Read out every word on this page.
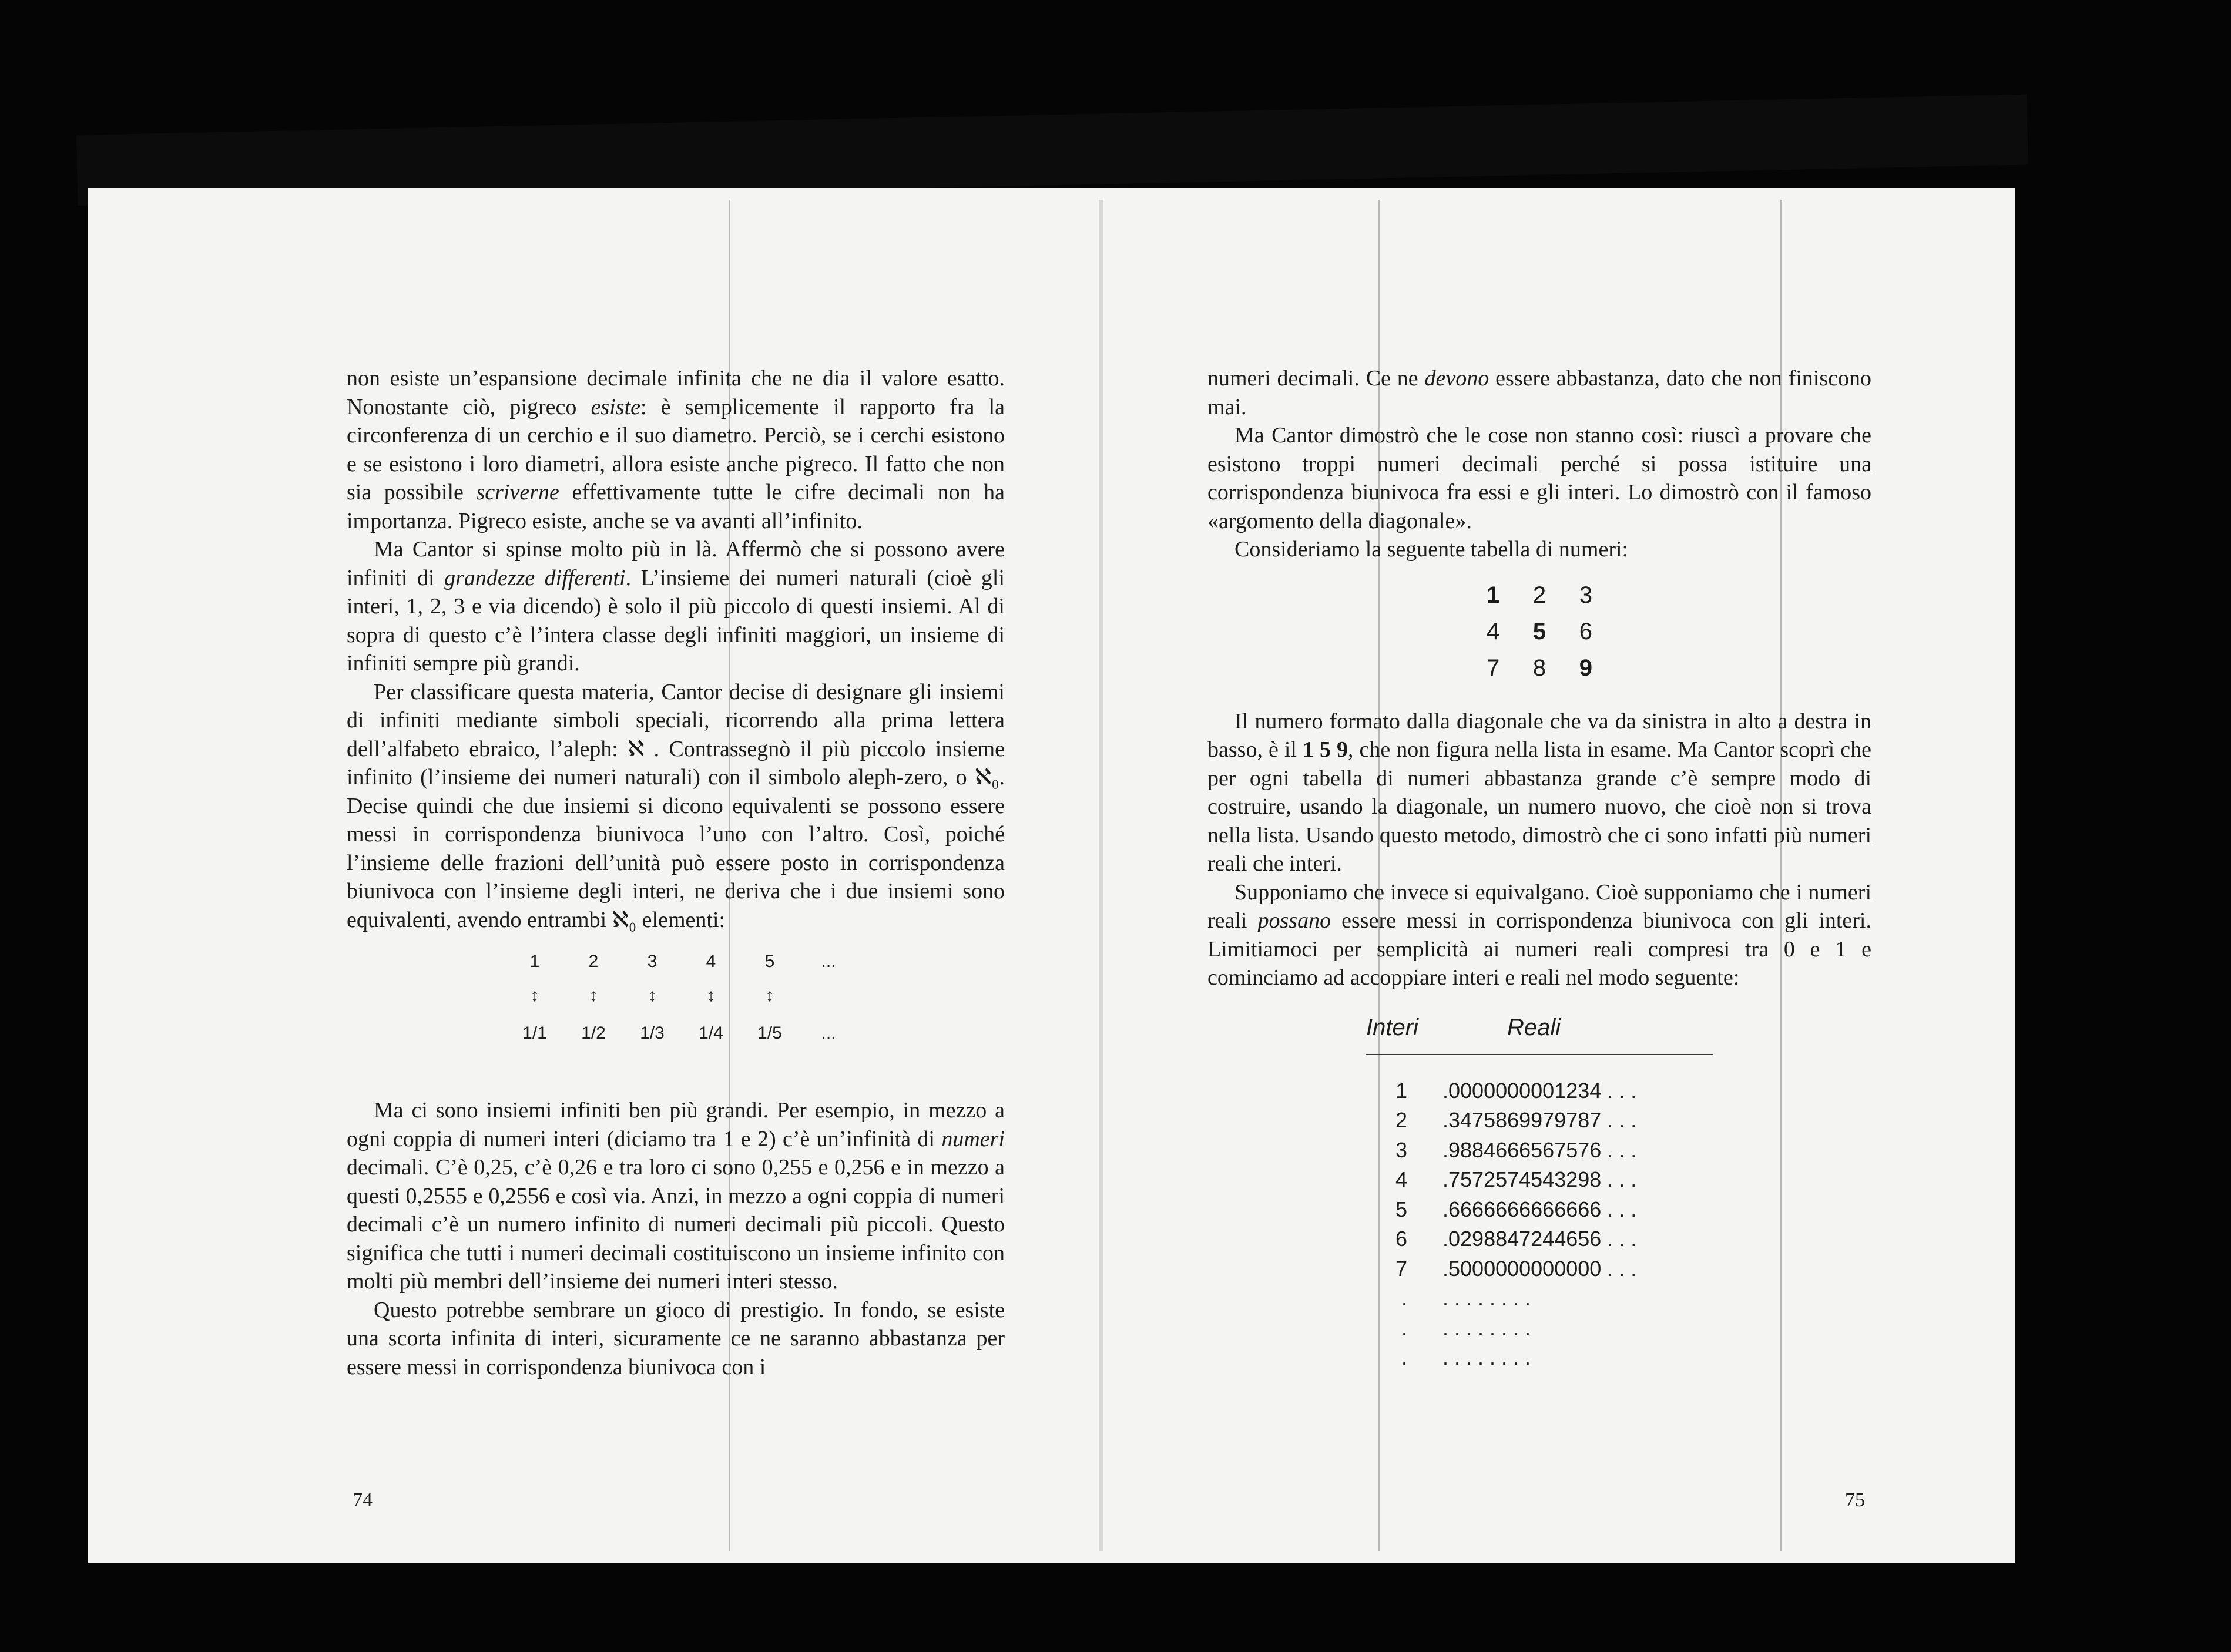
non esiste un’espansione decimale infinita che ne dia il valore esatto. Nonostante ciò, pigreco esiste: è semplicemente il rapporto fra la circonferenza di un cerchio e il suo diametro. Perciò, se i cerchi esistono e se esistono i loro diametri, allora esiste anche pigreco. Il fatto che non sia possibile scriverne effettivamente tutte le cifre decimali non ha importanza. Pigreco esiste, anche se va avanti all’infinito.

Ma Cantor si spinse molto più in là. Affermò che si possono avere infiniti di grandezze differenti. L’insieme dei numeri naturali (cioè gli interi, 1, 2, 3 e via dicendo) è solo il più piccolo di questi insiemi. Al di sopra di questo c’è l’intera classe degli infiniti maggiori, un insieme di infiniti sempre più grandi.

Per classificare questa materia, Cantor decise di designare gli insiemi di infiniti mediante simboli speciali, ricorrendo alla prima lettera dell’alfabeto ebraico, l’aleph: ℵ . Contrassegnò il più piccolo insieme infinito (l’insieme dei numeri naturali) con il simbolo aleph-zero, o ℵ₀. Decise quindi che due insiemi si dicono equivalenti se possono essere messi in corrispondenza biunivoca l’uno con l’altro. Così, poiché l’insieme delle frazioni dell’unità può essere posto in corrispondenza biunivoca con l’insieme degli interi, ne deriva che i due insiemi sono equivalenti, avendo entrambi ℵ₀ elementi:

1	2	3	4	5	...
↕	↕	↕	↕	↕
1/1	1/2	1/3	1/4	1/5	...

Ma ci sono insiemi infiniti ben più grandi. Per esempio, in mezzo a ogni coppia di numeri interi (diciamo tra 1 e 2) c’è un’infinità di numeri decimali. C’è 0,25, c’è 0,26 e tra loro ci sono 0,255 e 0,256 e in mezzo a questi 0,2555 e 0,2556 e così via. Anzi, in mezzo a ogni coppia di numeri decimali c’è un numero infinito di numeri decimali più piccoli. Questo significa che tutti i numeri decimali costituiscono un insieme infinito con molti più membri dell’insieme dei numeri interi stesso.

Questo potrebbe sembrare un gioco di prestigio. In fondo, se esiste una scorta infinita di interi, sicuramente ce ne saranno abbastanza per essere messi in corrispondenza biunivoca con i

74

numeri decimali. Ce ne devono essere abbastanza, dato che non finiscono mai.

Ma Cantor dimostrò che le cose non stanno così: riuscì a provare che esistono troppi numeri decimali perché si possa istituire una corrispondenza biunivoca fra essi e gli interi. Lo dimostrò con il famoso «argomento della diagonale».

Consideriamo la seguente tabella di numeri:

1 2 3
4 5 6
7 8 9

Il numero formato dalla diagonale che va da sinistra in alto a destra in basso, è il 1 5 9, che non figura nella lista in esame. Ma Cantor scoprì che per ogni tabella di numeri abbastanza grande c’è sempre modo di costruire, usando la diagonale, un numero nuovo, che cioè non si trova nella lista. Usando questo metodo, dimostrò che ci sono infatti più numeri reali che interi.

Supponiamo che invece si equivalgano. Cioè supponiamo che i numeri reali possano essere messi in corrispondenza biunivoca con gli interi. Limitiamoci per semplicità ai numeri reali compresi tra 0 e 1 e cominciamo ad accoppiare interi e reali nel modo seguente:

Interi	Reali
1	.0000000001234 . . .
2	.3475869979787 . . .
3	.9884666567576 . . .
4	.7572574543298 . . .
5	.6666666666666 . . .
6	.0298847244656 . . .
7	.5000000000000 . . .
.	. . . . . . . .
.	. . . . . . . .
.	. . . . . . . .
75
